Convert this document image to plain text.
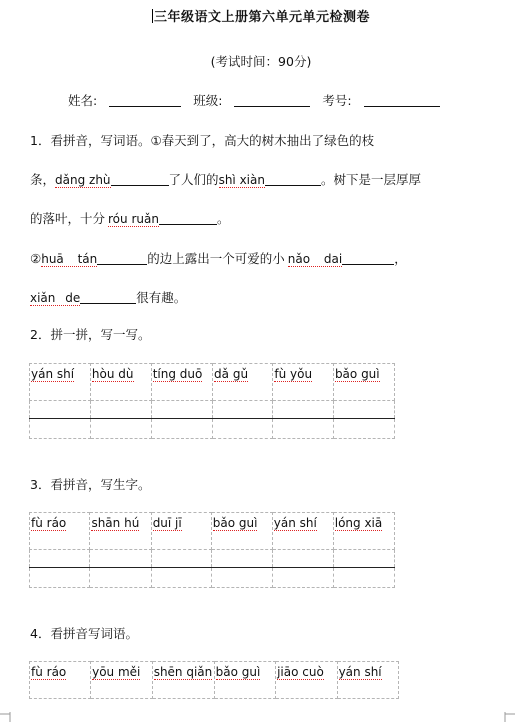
三年级语文上册第六单元单元检测卷
(考试时间：90分)
姓名:	班级:	考号:
1．看拼音，写词语。①春天到了，高大的树木抽出了绿色的枝
条，dǎng zhù	了人们的shì xiàn	。树下是一层厚厚
的落叶，十分 róu ruǎn	。
②huā tán	的边上露出一个可爱的小 nǎo dai	，
xiǎn de	很有趣。
2．拼一拼，写一写。
yán shí	hòu dù	tíng duō	dǎ gǔ	fù yǒu	bǎo guì

3．看拼音，写生字。
fù ráo	shān hú	duī jī	bǎo guì	yán shí	lóng xiā

4．看拼音写词语。
fù ráo	yōu měi	shēn qiǎn	bǎo guì	jiāo cuò	yán shí
